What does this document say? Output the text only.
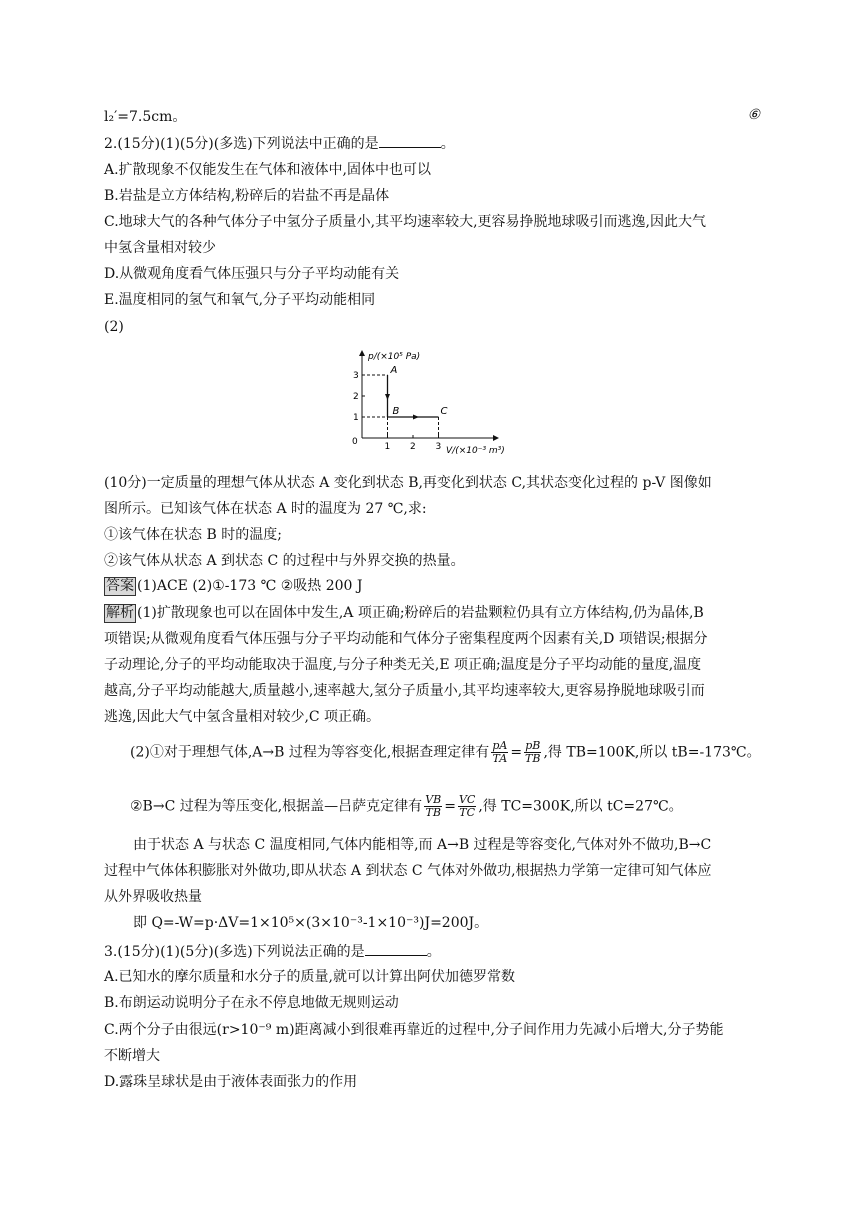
l₂′=7.5cm。	⑥
2.(15分)(1)(5分)(多选)下列说法中正确的是	。
A.扩散现象不仅能发生在气体和液体中,固体中也可以
B.岩盐是立方体结构,粉碎后的岩盐不再是晶体
C.地球大气的各种气体分子中氢分子质量小,其平均速率较大,更容易挣脱地球吸引而逃逸,因此大气
中氢含量相对较少
D.从微观角度看气体压强只与分子平均动能有关
E.温度相同的氢气和氧气,分子平均动能相同
(2)
p/(×10⁵ Pa)
V/(×10⁻³ m³)
0
1
2
3
1 2 3
A
B	C
(10分)一定质量的理想气体从状态 A 变化到状态 B,再变化到状态 C,其状态变化过程的 p-V 图像如
图所示。已知该气体在状态 A 时的温度为 27 ℃,求:
①该气体在状态 B 时的温度;
②该气体从状态 A 到状态 C 的过程中与外界交换的热量。
答案 (1)ACE (2)①-173 ℃ ②吸热 200 J
解析 (1)扩散现象也可以在固体中发生,A 项正确;粉碎后的岩盐颗粒仍具有立方体结构,仍为晶体,B
项错误;从微观角度看气体压强与分子平均动能和气体分子密集程度两个因素有关,D 项错误;根据分
子动理论,分子的平均动能取决于温度,与分子种类无关,E 项正确;温度是分子平均动能的量度,温度
越高,分子平均动能越大,质量越小,速率越大,氢分子质量小,其平均速率较大,更容易挣脱地球吸引而
逃逸,因此大气中氢含量相对较少,C 项正确。
(2)①对于理想气体,A→B 过程为等容变化,根据查理定律有 $\frac{pA}{TA} = \frac{pB}{TB}$ ,得 TB=100K,所以 tB=-173℃。
②B→C 过程为等压变化,根据盖—吕萨克定律有 $\frac{VB}{TB} = \frac{VC}{TC}$ ,得 TC=300K,所以 tC=27℃。
由于状态 A 与状态 C 温度相同,气体内能相等,而 A→B 过程是等容变化,气体对外不做功,B→C
过程中气体体积膨胀对外做功,即从状态 A 到状态 C 气体对外做功,根据热力学第一定律可知气体应
从外界吸收热量
即 Q=-W=p·ΔV=1×10⁵×(3×10⁻³-1×10⁻³)J=200J。
3.(15分)(1)(5分)(多选)下列说法正确的是	。
A.已知水的摩尔质量和水分子的质量,就可以计算出阿伏加德罗常数
B.布朗运动说明分子在永不停息地做无规则运动
C.两个分子由很远(r>10⁻⁹ m)距离减小到很难再靠近的过程中,分子间作用力先减小后增大,分子势能
不断增大
D.露珠呈球状是由于液体表面张力的作用
